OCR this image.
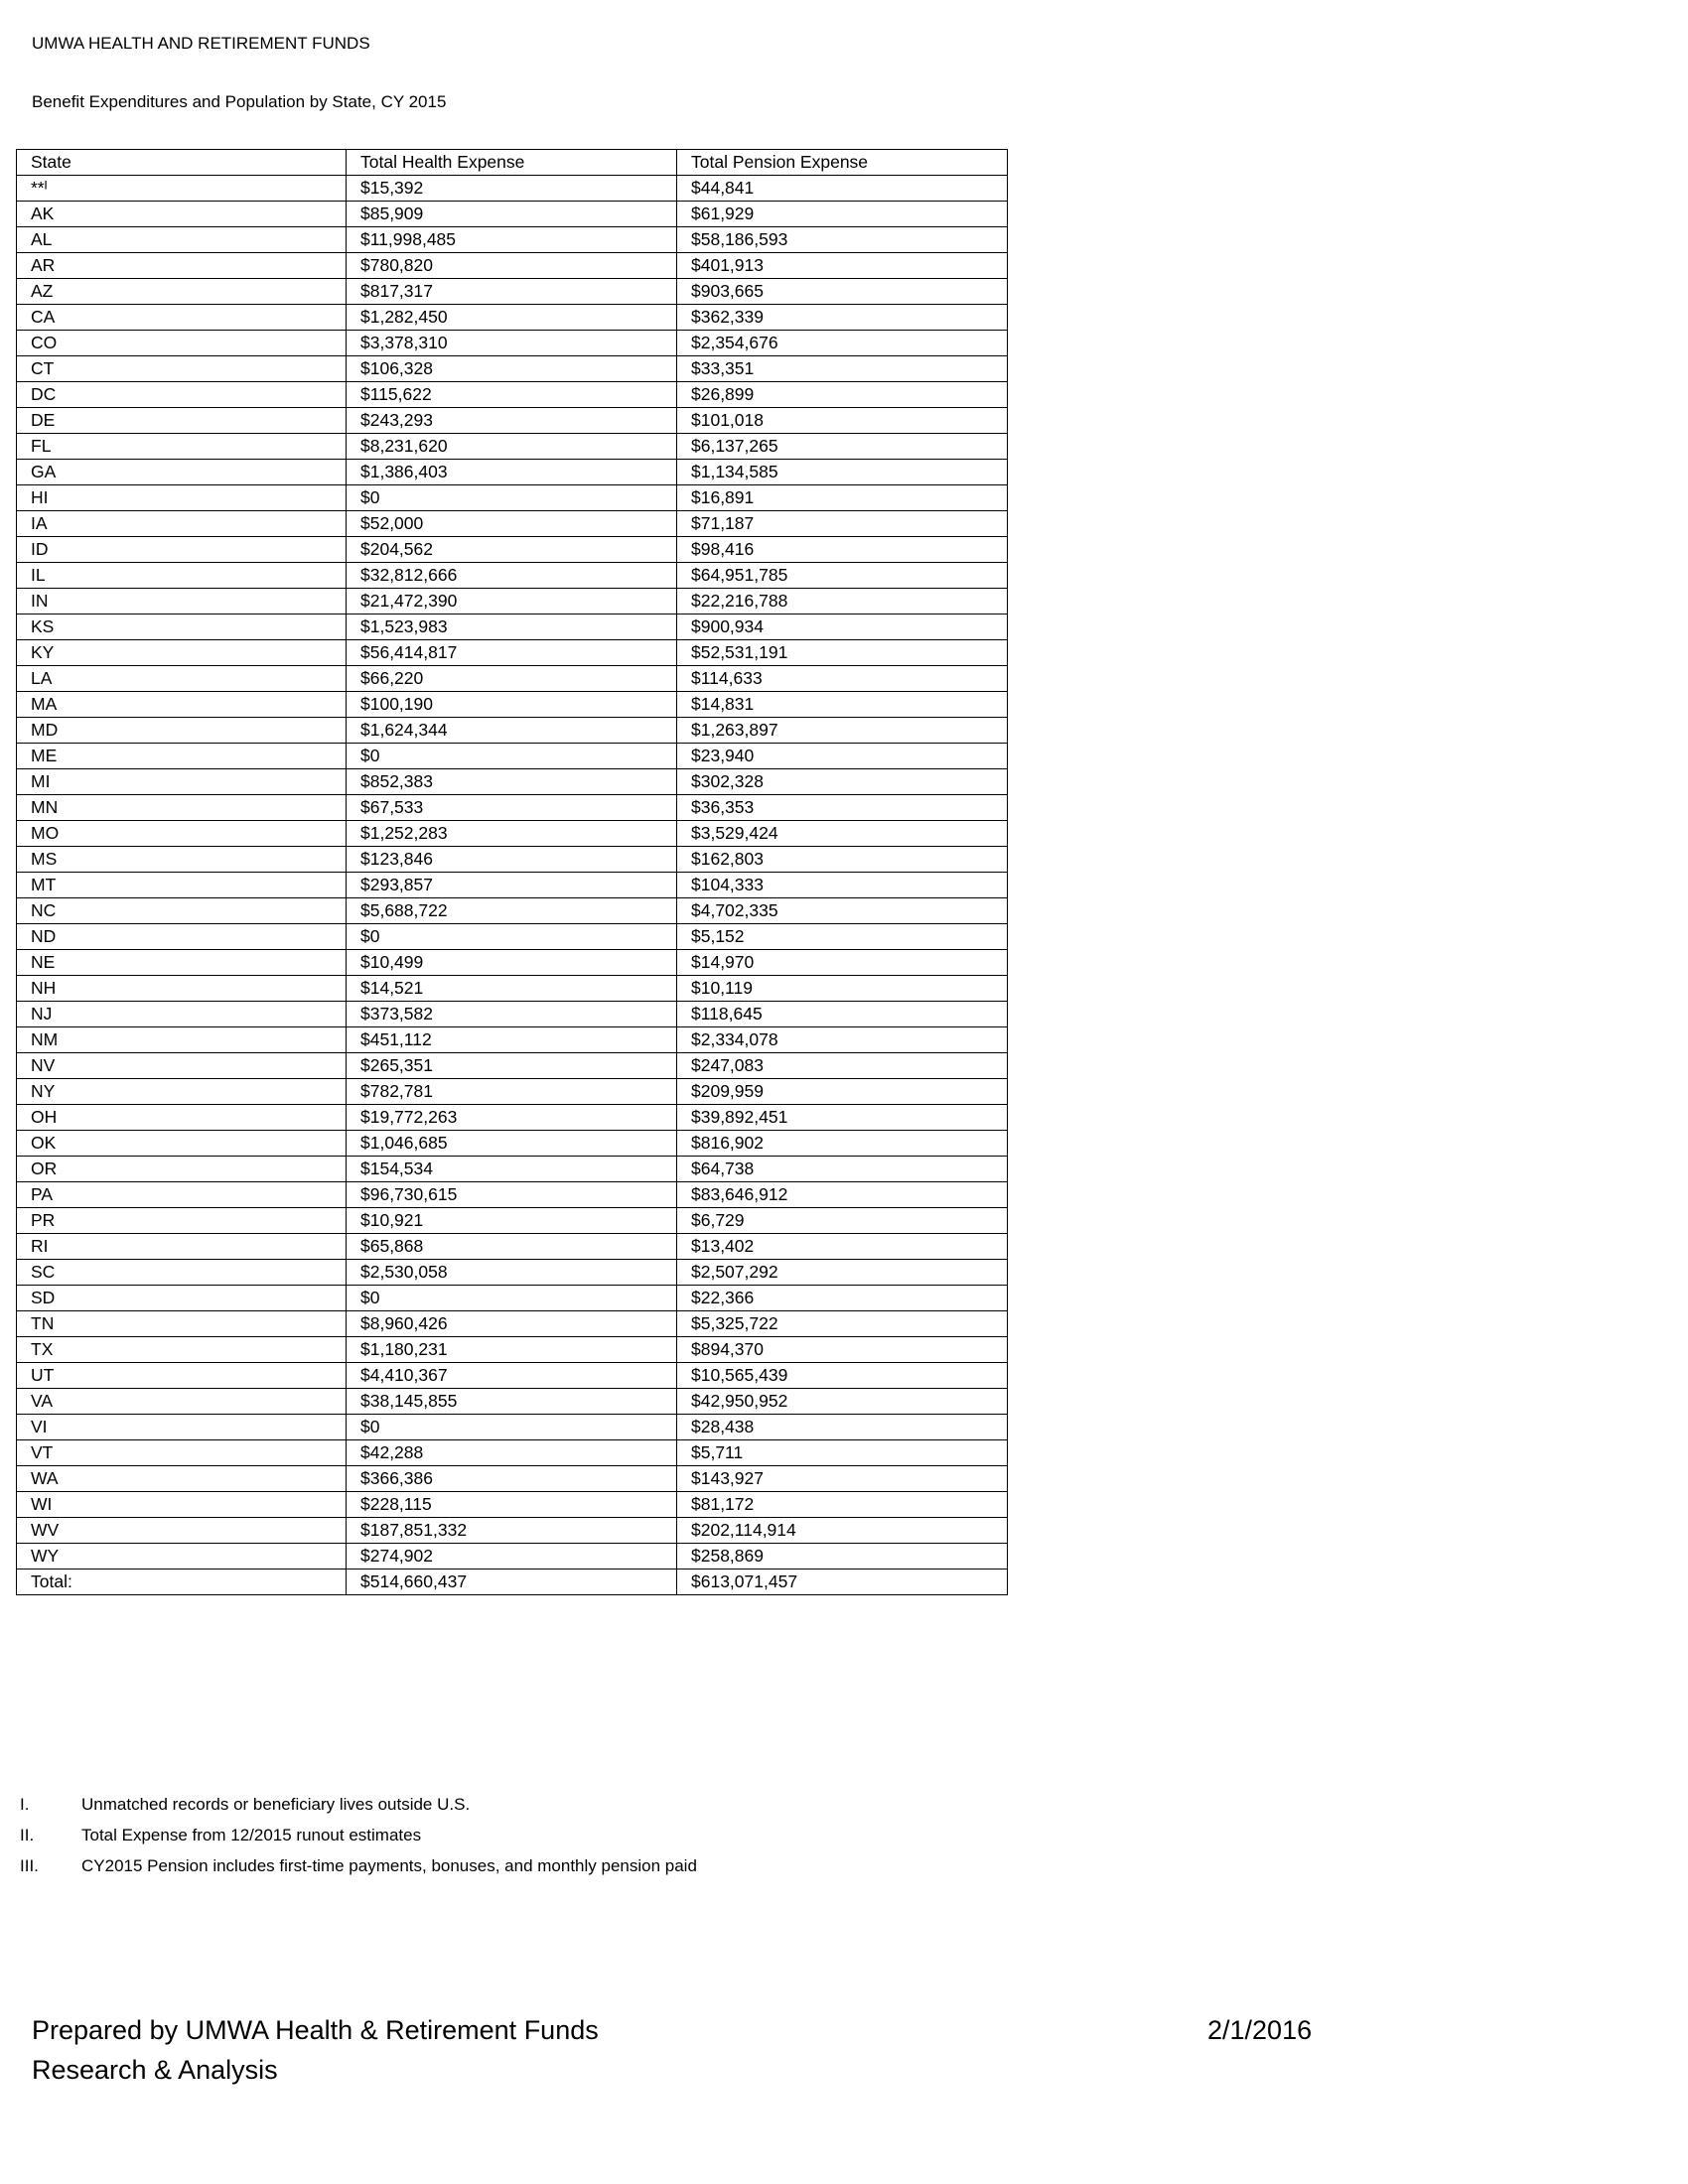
UMWA HEALTH AND RETIREMENT FUNDS
Benefit Expenditures and Population by State, CY 2015
State	Total Health Expense	Total Pension Expense
**ᴵ	$15,392	$44,841
AK	$85,909	$61,929
AL	$11,998,485	$58,186,593
AR	$780,820	$401,913
AZ	$817,317	$903,665
CA	$1,282,450	$362,339
CO	$3,378,310	$2,354,676
CT	$106,328	$33,351
DC	$115,622	$26,899
DE	$243,293	$101,018
FL	$8,231,620	$6,137,265
GA	$1,386,403	$1,134,585
HI	$0	$16,891
IA	$52,000	$71,187
ID	$204,562	$98,416
IL	$32,812,666	$64,951,785
IN	$21,472,390	$22,216,788
KS	$1,523,983	$900,934
KY	$56,414,817	$52,531,191
LA	$66,220	$114,633
MA	$100,190	$14,831
MD	$1,624,344	$1,263,897
ME	$0	$23,940
MI	$852,383	$302,328
MN	$67,533	$36,353
MO	$1,252,283	$3,529,424
MS	$123,846	$162,803
MT	$293,857	$104,333
NC	$5,688,722	$4,702,335
ND	$0	$5,152
NE	$10,499	$14,970
NH	$14,521	$10,119
NJ	$373,582	$118,645
NM	$451,112	$2,334,078
NV	$265,351	$247,083
NY	$782,781	$209,959
OH	$19,772,263	$39,892,451
OK	$1,046,685	$816,902
OR	$154,534	$64,738
PA	$96,730,615	$83,646,912
PR	$10,921	$6,729
RI	$65,868	$13,402
SC	$2,530,058	$2,507,292
SD	$0	$22,366
TN	$8,960,426	$5,325,722
TX	$1,180,231	$894,370
UT	$4,410,367	$10,565,439
VA	$38,145,855	$42,950,952
VI	$0	$28,438
VT	$42,288	$5,711
WA	$366,386	$143,927
WI	$228,115	$81,172
WV	$187,851,332	$202,114,914
WY	$274,902	$258,869
Total:	$514,660,437	$613,071,457
I.	Unmatched records or beneficiary lives outside U.S.
II.	Total Expense from 12/2015 runout estimates
III.	CY2015 Pension includes first-time payments, bonuses, and monthly pension paid
Prepared by UMWA Health & Retirement Funds
Research & Analysis
2/1/2016
